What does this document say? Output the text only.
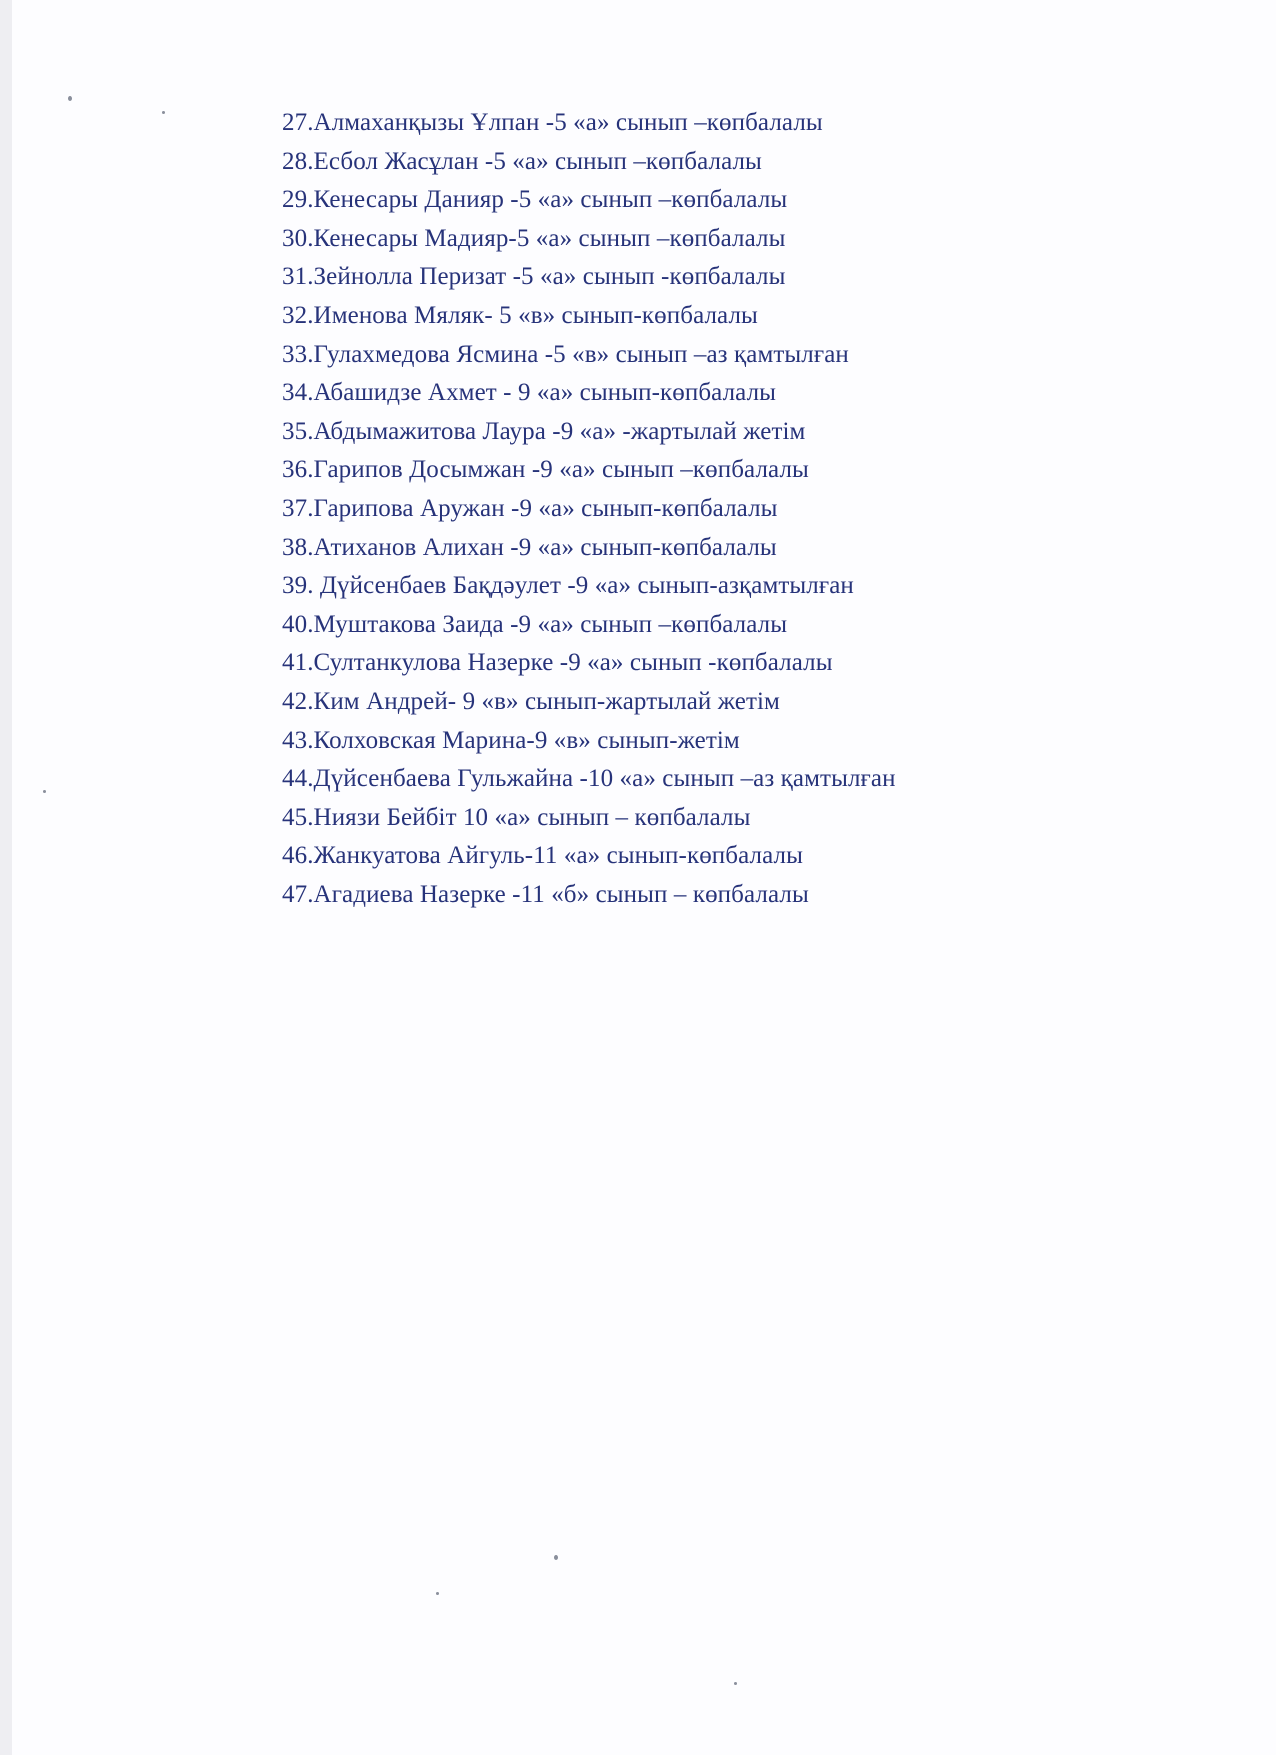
27.Алмаханқызы Ұлпан -5 «а» сынып –көпбалалы
28.Есбол Жасұлан -5 «а» сынып –көпбалалы
29.Кенесары Данияр -5 «а» сынып –көпбалалы
30.Кенесары Мадияр-5 «а» сынып –көпбалалы
31.Зейнолла Перизат -5 «а» сынып -көпбалалы
32.Именова Мяляк- 5 «в» сынып-көпбалалы
33.Гулахмедова Ясмина -5 «в» сынып –аз қамтылған
34.Абашидзе Ахмет - 9 «а» сынып-көпбалалы
35.Абдымажитова Лаура -9 «а» -жартылай жетім
36.Гарипов Досымжан -9 «а» сынып –көпбалалы
37.Гарипова Аружан -9 «а» сынып-көпбалалы
38.Атиханов Алихан -9 «а» сынып-көпбалалы
39. Дүйсенбаев Бақдәулет -9 «а» сынып-азқамтылған
40.Муштакова Заида -9 «а» сынып –көпбалалы
41.Султанкулова Назерке -9 «а» сынып -көпбалалы
42.Ким Андрей- 9 «в» сынып-жартылай жетім
43.Колховская Марина-9 «в» сынып-жетім
44.Дүйсенбаева Гульжайна -10 «а» сынып –аз қамтылған
45.Ниязи Бейбіт 10 «а» сынып – көпбалалы
46.Жанкуатова Айгуль-11 «а» сынып-көпбалалы
47.Агадиева Назерке -11 «б» сынып – көпбалалы
